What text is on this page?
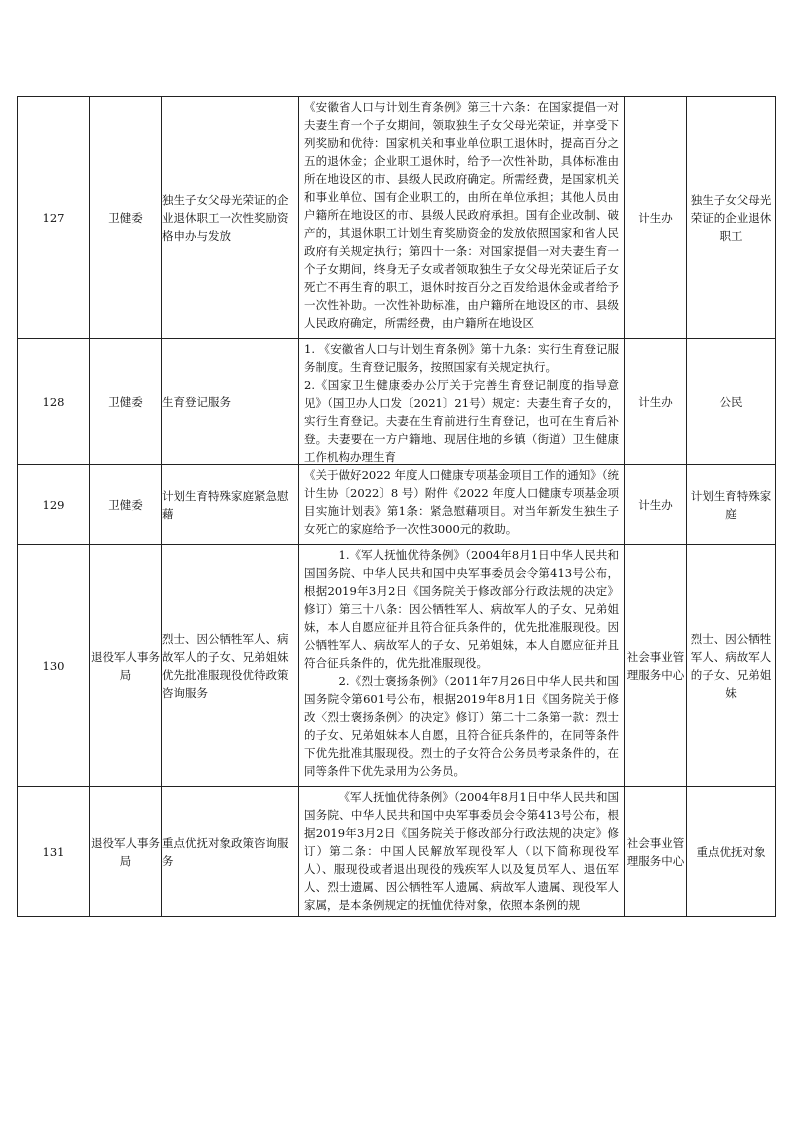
127	卫健委	独生子女父母光荣证的企业退休职工一次性奖励资格申办与发放	《安徽省人口与计划生育条例》第三十六条：在国家提倡一对夫妻生育一个子女期间，领取独生子女父母光荣证，并享受下列奖励和优待：国家机关和事业单位职工退休时，提高百分之五的退休金；企业职工退休时，给予一次性补助，具体标准由所在地设区的市、县级人民政府确定。所需经费，是国家机关和事业单位、国有企业职工的，由所在单位承担；其他人员由户籍所在地设区的市、县级人民政府承担。国有企业改制、破产的，其退休职工计划生育奖励资金的发放依照国家和省人民政府有关规定执行；第四十一条：对国家提倡一对夫妻生育一个子女期间，终身无子女或者领取独生子女父母光荣证后子女死亡不再生育的职工，退休时按百分之百发给退休金或者给予一次性补助。一次性补助标准，由户籍所在地设区的市、县级人民政府确定，所需经费，由户籍所在地设区	计生办	独生子女父母光荣证的企业退休职工
128	卫健委	生育登记服务	1. 《安徽省人口与计划生育条例》第十九条：实行生育登记服务制度。生育登记服务，按照国家有关规定执行。

2.《国家卫生健康委办公厅关于完善生育登记制度的指导意见》（国卫办人口发〔2021〕21号）规定：夫妻生育子女的，实行生育登记。夫妻在生育前进行生育登记，也可在生育后补登。夫妻要在一方户籍地、现居住地的乡镇（街道）卫生健康工作机构办理生育	计生办	公民
129	卫健委	计划生育特殊家庭紧急慰藉	《关于做好2022 年度人口健康专项基金项目工作的通知》（统计生协〔2022〕8 号）附件《2022 年度人口健康专项基金项目实施计划表》第1条：紧急慰藉项目。对当年新发生独生子女死亡的家庭给予一次性3000元的救助。	计生办	计划生育特殊家庭
130	退役军人事务局	烈士、因公牺牲军人、病故军人的子女、兄弟姐妹优先批准服现役优待政策咨询服务	1.《军人抚恤优待条例》（2004年8月1日中华人民共和国国务院、中华人民共和国中央军事委员会令第413号公布，根据2019年3月2日《国务院关于修改部分行政法规的决定》修订）第三十八条：因公牺牲军人、病故军人的子女、兄弟姐妹，本人自愿应征并且符合征兵条件的，优先批准服现役。因公牺牲军人、病故军人的子女、兄弟姐妹，本人自愿应征并且符合征兵条件的，优先批准服现役。

2.《烈士褒扬条例》（2011年7月26日中华人民共和国国务院令第601号公布，根据2019年8月1日《国务院关于修改〈烈士褒扬条例〉的决定》修订）第二十二条第一款：烈士的子女、兄弟姐妹本人自愿，且符合征兵条件的，在同等条件下优先批准其服现役。烈士的子女符合公务员考录条件的，在同等条件下优先录用为公务员。	社会事业管理服务中心	烈士、因公牺牲军人、病故军人的子女、兄弟姐妹
131	退役军人事务局	重点优抚对象政策咨询服务	《军人抚恤优待条例》（2004年8月1日中华人民共和国国务院、中华人民共和国中央军事委员会令第413号公布，根据2019年3月2日《国务院关于修改部分行政法规的决定》修订）第二条：中国人民解放军现役军人（以下简称现役军人）、服现役或者退出现役的残疾军人以及复员军人、退伍军人、烈士遗属、因公牺牲军人遗属、病故军人遗属、现役军人家属，是本条例规定的抚恤优待对象，依照本条例的规	社会事业管理服务中心	重点优抚对象
